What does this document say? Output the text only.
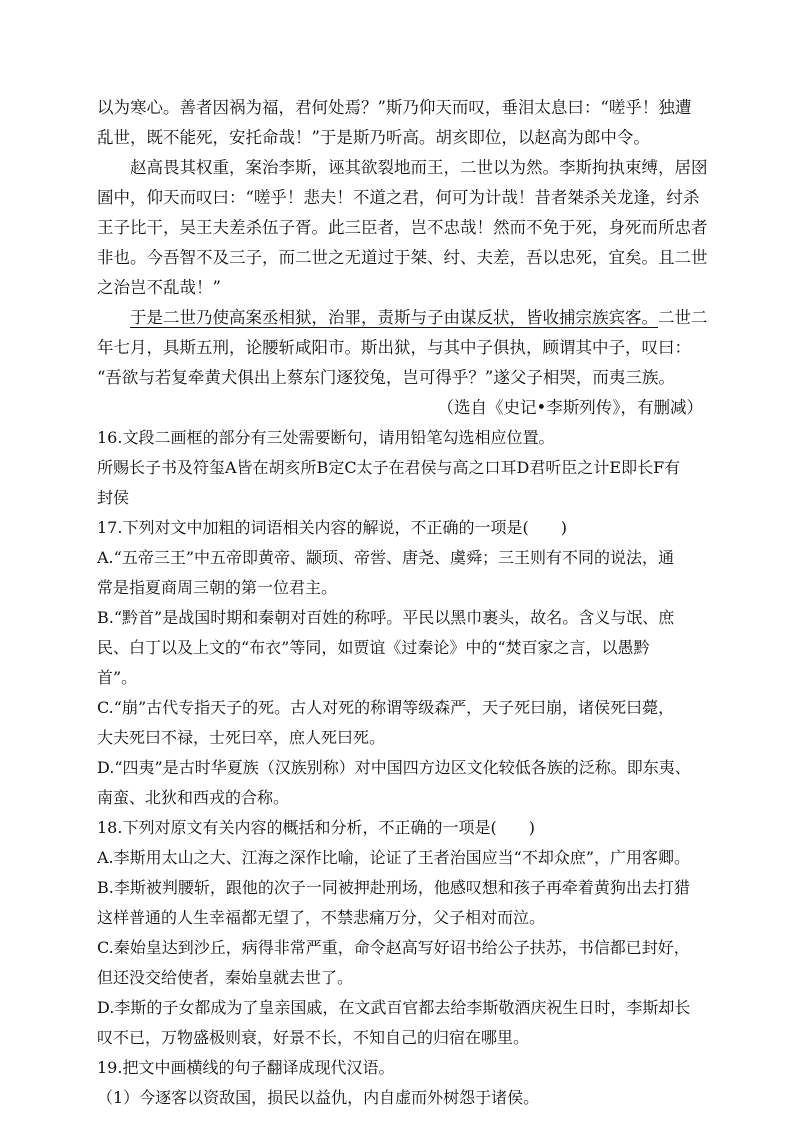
以为寒心。善者因祸为福，君何处焉？”斯乃仰天而叹，垂泪太息曰：“嗟乎！独遭
乱世，既不能死，安托命哉！”于是斯乃听高。胡亥即位，以赵高为郎中令。
赵高畏其权重，案治李斯，诬其欲裂地而王，二世以为然。李斯拘执束缚，居囹
圄中，仰天而叹曰：“嗟乎！悲夫！不道之君，何可为计哉！昔者桀杀关龙逢，纣杀
王子比干，吴王夫差杀伍子胥。此三臣者，岂不忠哉！然而不免于死，身死而所忠者
非也。今吾智不及三子，而二世之无道过于桀、纣、夫差，吾以忠死，宜矣。且二世
之治岂不乱哉！”
于是二世乃使高案丞相狱，治罪，责斯与子由谋反状，皆收捕宗族宾客。二世二
年七月，具斯五刑，论腰斩咸阳市。斯出狱，与其中子俱执，顾谓其中子，叹曰：
“吾欲与若复牵黄犬俱出上蔡东门逐狡兔，岂可得乎？”遂父子相哭，而夷三族。
（选自《史记•李斯列传》，有删减）
16.文段二画框的部分有三处需要断句，请用铅笔勾选相应位置。
所赐长子书及符玺A皆在胡亥所B定C太子在君侯与高之口耳D君听臣之计E即长F有
封侯
17.下列对文中加粗的词语相关内容的解说，不正确的一项是(　　)
A.“五帝三王”中五帝即黄帝、颛顼、帝喾、唐尧、虞舜；三王则有不同的说法，通
常是指夏商周三朝的第一位君主。
B.“黔首”是战国时期和秦朝对百姓的称呼。平民以黑巾裹头，故名。含义与氓、庶
民、白丁以及上文的“布衣”等同，如贾谊《过秦论》中的“焚百家之言，以愚黔
首”。
C.“崩”古代专指天子的死。古人对死的称谓等级森严，天子死曰崩，诸侯死曰薨，
大夫死曰不禄，士死曰卒，庶人死曰死。
D.“四夷”是古时华夏族（汉族别称）对中国四方边区文化较低各族的泛称。即东夷、
南蛮、北狄和西戎的合称。
18.下列对原文有关内容的概括和分析，不正确的一项是(　　)
A.李斯用太山之大、江海之深作比喻，论证了王者治国应当“不却众庶”，广用客卿。
B.李斯被判腰斩，跟他的次子一同被押赴刑场，他感叹想和孩子再牵着黄狗出去打猎
这样普通的人生幸福都无望了，不禁悲痛万分，父子相对而泣。
C.秦始皇达到沙丘，病得非常严重，命令赵高写好诏书给公子扶苏，书信都已封好，
但还没交给使者，秦始皇就去世了。
D.李斯的子女都成为了皇亲国戚，在文武百官都去给李斯敬酒庆祝生日时，李斯却长
叹不已，万物盛极则衰，好景不长，不知自己的归宿在哪里。
19.把文中画横线的句子翻译成现代汉语。
（1）今逐客以资敌国，损民以益仇，内自虚而外树怨于诸侯。
